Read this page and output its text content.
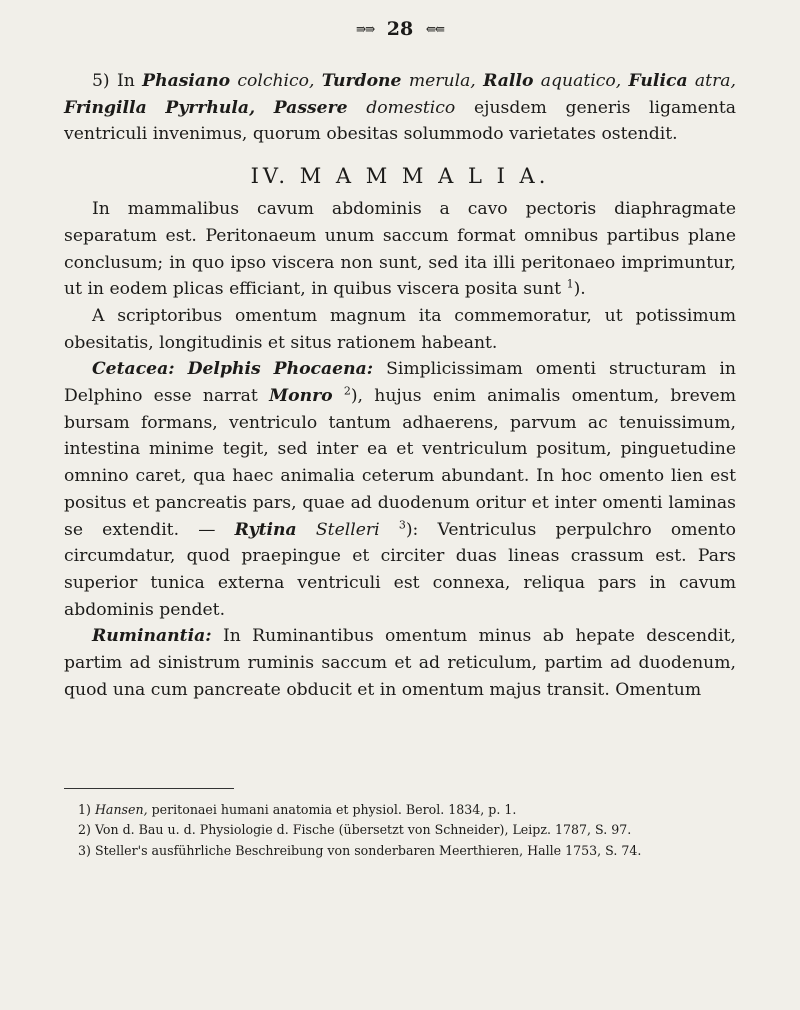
⇛⇛ 28 ⇚⇚

5) In Phasiano colchico, Turdone merula, Rallo aquatico, Fulica atra, Fringilla Pyrrhula, Passere domestico ejusdem generis ligamenta ventriculi invenimus, quorum obesitas solummodo varietates ostendit.

IV. M A M M A L I A.

In mammalibus cavum abdominis a cavo pectoris diaphragmate separatum est. Peritonaeum unum saccum format omnibus partibus plane conclusum; in quo ipso viscera non sunt, sed ita illi peritonaeo imprimuntur, ut in eodem plicas efficiant, in quibus viscera posita sunt $^1$).

A scriptoribus omentum magnum ita commemoratur, ut potissimum obesitatis, longitudinis et situs rationem habeant.

Cetacea: Delphis Phocaena: Simplicissimam omenti structuram in Delphino esse narrat Monro $^2$), hujus enim animalis omentum, brevem bursam formans, ventriculo tantum adhaerens, parvum ac tenuissimum, intestina minime tegit, sed inter ea et ventriculum positum, pinguetudine omnino caret, qua haec animalia ceterum abundant. In hoc omento lien est positus et pancreatis pars, quae ad duodenum oritur et inter omenti laminas se extendit. — Rytina Stelleri $^3$): Ventriculus perpulchro omento circumdatur, quod praepingue et circiter duas lineas crassum est. Pars superior tunica externa ventriculi est connexa, reliqua pars in cavum abdominis pendet.

Ruminantia: In Ruminantibus omentum minus ab hepate descendit, partim ad sinistrum ruminis saccum et ad reticulum, partim ad duodenum, quod una cum pancreate obducit et in omentum majus transit. Omentum

1) Hansen, peritonaei humani anatomia et physiol. Berol. 1834, p. 1.

2) Von d. Bau u. d. Physiologie d. Fische (übersetzt von Schneider), Leipz. 1787, S. 97.

3) Steller's ausführliche Beschreibung von sonderbaren Meerthieren, Halle 1753, S. 74.
